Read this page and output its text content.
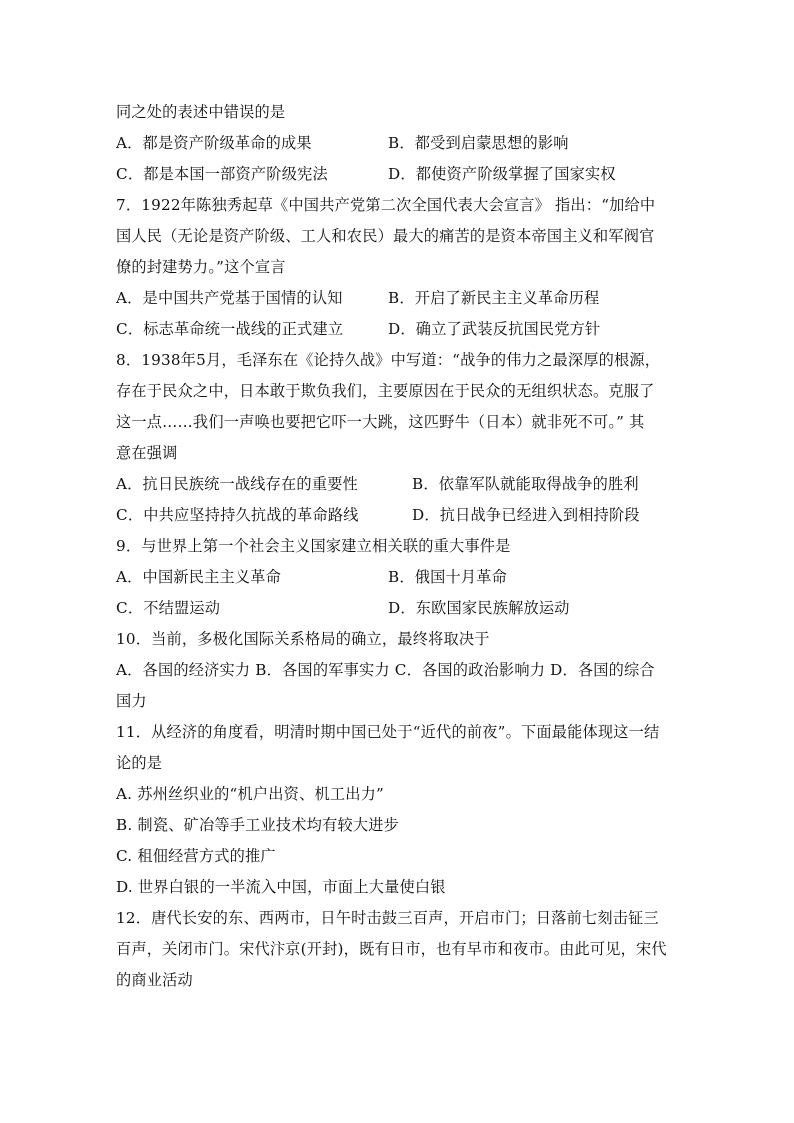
同之处的表述中错误的是
A．都是资产阶级革命的成果	B．都受到启蒙思想的影响
C．都是本国一部资产阶级宪法	D．都使资产阶级掌握了国家实权
7．1922年陈独秀起草《中国共产党第二次全国代表大会宣言》 指出：“加给中
国人民（无论是资产阶级、工人和农民）最大的痛苦的是资本帝国主义和军阀官
僚的封建势力。”这个宣言
A．是中国共产党基于国情的认知	B．开启了新民主主义革命历程
C．标志革命统一战线的正式建立	D．确立了武装反抗国民党方针
8．1938年5月，毛泽东在《论持久战》中写道：“战争的伟力之最深厚的根源，
存在于民众之中，日本敢于欺负我们，主要原因在于民众的无组织状态。克服了
这一点……我们一声唤也要把它吓一大跳，这匹野牛（日本）就非死不可。” 其
意在强调
A．抗日民族统一战线存在的重要性	B．依靠军队就能取得战争的胜利
C．中共应坚持持久抗战的革命路线	D．抗日战争已经进入到相持阶段
9．与世界上第一个社会主义国家建立相关联的重大事件是
A．中国新民主主义革命	B．俄国十月革命
C．不结盟运动	D．东欧国家民族解放运动
10．当前，多极化国际关系格局的确立，最终将取决于
A．各国的经济实力 B．各国的军事实力 C．各国的政治影响力 D．各国的综合
国力
11．从经济的角度看，明清时期中国已处于“近代的前夜”。下面最能体现这一结
论的是
A. 苏州丝织业的“机户出资、机工出力”
B. 制瓷、矿冶等手工业技术均有较大进步
C. 租佃经营方式的推广
D. 世界白银的一半流入中国，市面上大量使白银
12．唐代长安的东、西两市，日午时击鼓三百声，开启市门；日落前七刻击钲三
百声，关闭市门。宋代汴京(开封)，既有日市，也有早市和夜市。由此可见，宋代
的商业活动
